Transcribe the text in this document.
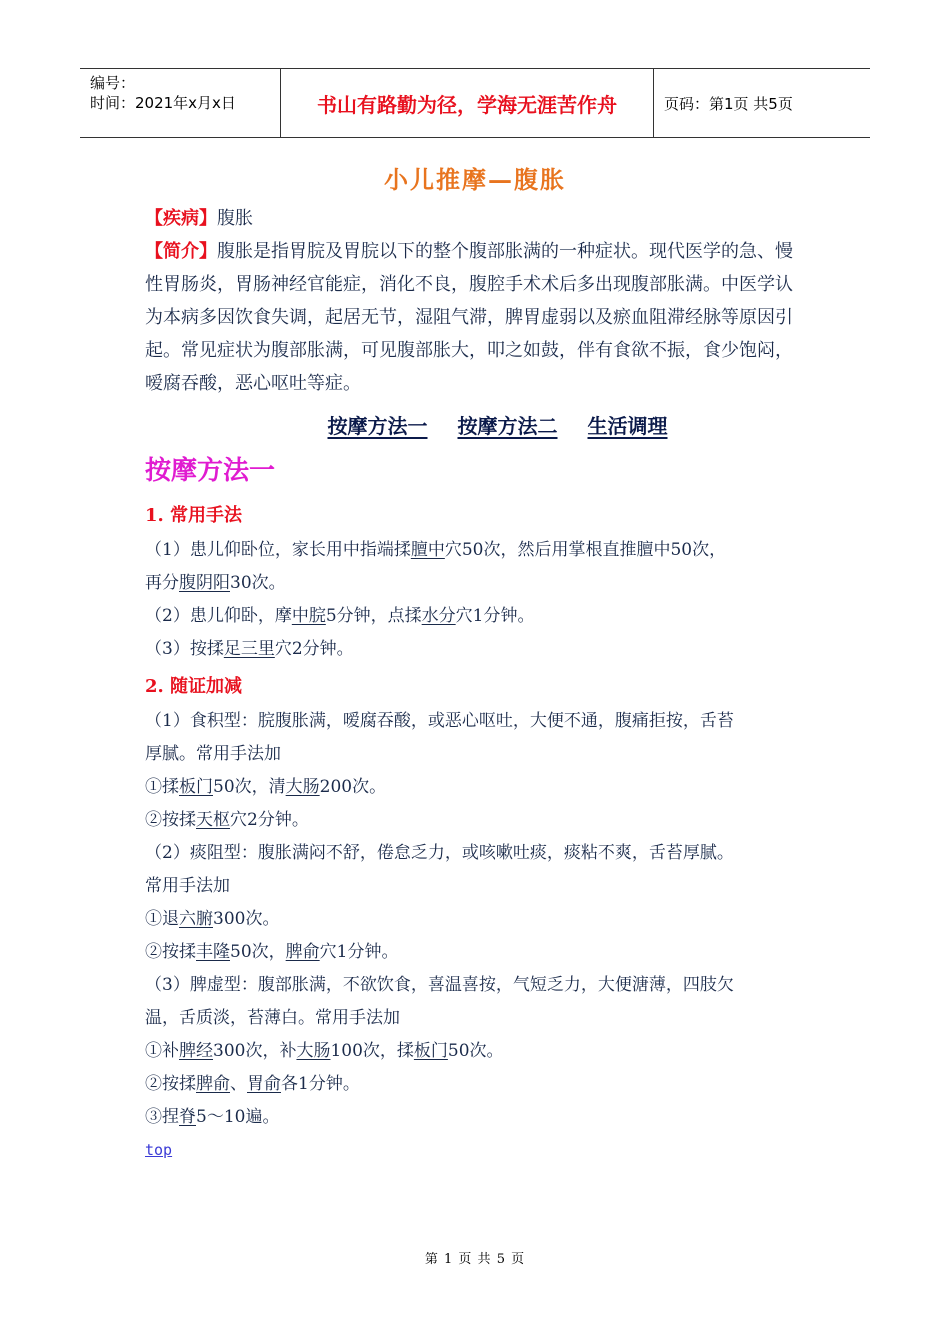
编号：
时间：2021年x月x日	书山有路勤为径，学海无涯苦作舟	页码：第1页 共5页
小儿推摩—腹胀

【疾病】腹胀

【简介】腹胀是指胃脘及胃脘以下的整个腹部胀满的一种症状。现代医学的急、慢性胃肠炎，胃肠神经官能症，消化不良，腹腔手术术后多出现腹部胀满。中医学认为本病多因饮食失调，起居无节，湿阻气滞，脾胃虚弱以及瘀血阻滞经脉等原因引起。常见症状为腹部胀满，可见腹部胀大，叩之如鼓，伴有食欲不振，食少饱闷，嗳腐吞酸，恶心呕吐等症。

按摩方法一 按摩方法二 生活调理
按摩方法一
1. 常用手法
（1）患儿仰卧位，家长用中指端揉膻中穴50次，然后用掌根直推膻中50次，
再分腹阴阳30次。
（2）患儿仰卧，摩中脘5分钟，点揉水分穴1分钟。
（3）按揉足三里穴2分钟。
2. 随证加减
（1）食积型：脘腹胀满，嗳腐吞酸，或恶心呕吐，大便不通，腹痛拒按，舌苔
厚腻。常用手法加
①揉板门50次，清大肠200次。
②按揉天枢穴2分钟。
（2）痰阻型：腹胀满闷不舒，倦怠乏力，或咳嗽吐痰，痰粘不爽，舌苔厚腻。
常用手法加
①退六腑300次。
②按揉丰隆50次，脾俞穴1分钟。
（3）脾虚型：腹部胀满，不欲饮食，喜温喜按，气短乏力，大便溏薄，四肢欠
温，舌质淡，苔薄白。常用手法加
①补脾经300次，补大肠100次，揉板门50次。
②按揉脾俞、胃俞各1分钟。
③捏脊5～10遍。
top
第 1 页 共 5 页
